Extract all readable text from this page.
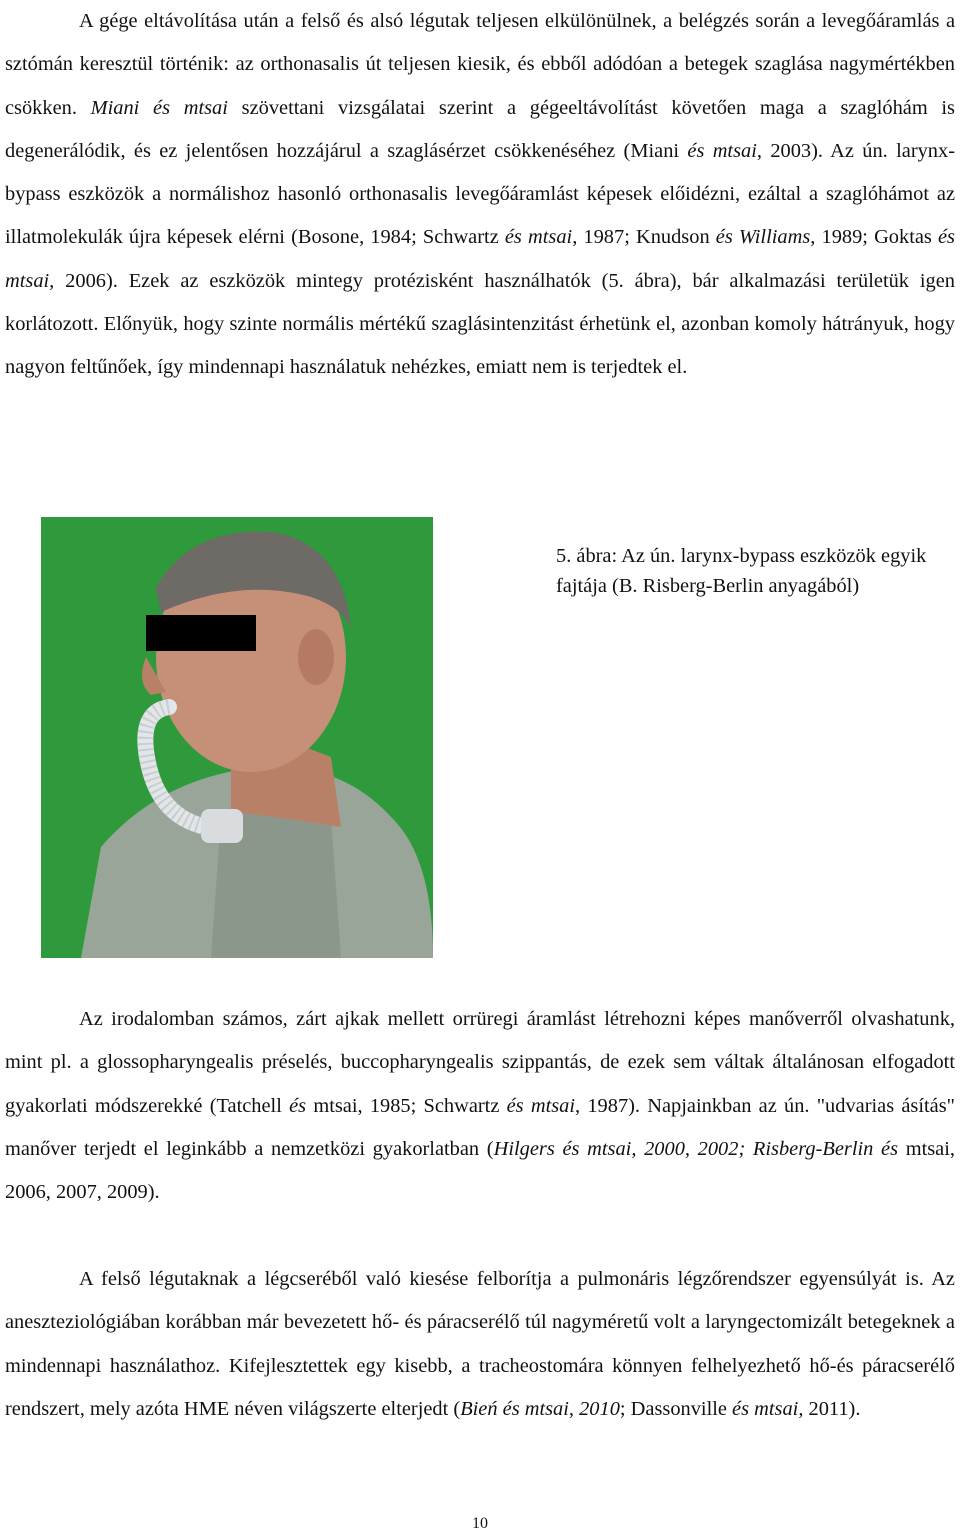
A gége eltávolítása után a felső és alsó légutak teljesen elkülönülnek, a belégzés során a levegőáramlás a sztómán keresztül történik: az orthonasalis út teljesen kiesik, és ebből adódóan a betegek szaglása nagymértékben csökken. Miani és mtsai szövettani vizsgálatai szerint a gégeeltávolítást követően maga a szaglóhám is degenerálódik, és ez jelentősen hozzájárul a szaglásérzet csökkenéséhez (Miani és mtsai, 2003). Az ún. larynx-bypass eszközök a normálishoz hasonló orthonasalis levegőáramlást képesek előidézni, ezáltal a szaglóhámot az illatmolekulák újra képesek elérni (Bosone, 1984; Schwartz és mtsai, 1987; Knudson és Williams, 1989; Goktas és mtsai, 2006). Ezek az eszközök mintegy protézisként használhatók (5. ábra), bár alkalmazási területük igen korlátozott. Előnyük, hogy szinte normális mértékű szaglásintenzitást érhetünk el, azonban komoly hátrányuk, hogy nagyon feltűnőek, így mindennapi használatuk nehézkes, emiatt nem is terjedtek el.

5. ábra: Az ún. larynx-bypass eszközök egyik fajtája (B. Risberg-Berlin anyagából)

Az irodalomban számos, zárt ajkak mellett orrüregi áramlást létrehozni képes manőverről olvashatunk, mint pl. a glossopharyngealis préselés, buccopharyngealis szippantás, de ezek sem váltak általánosan elfogadott gyakorlati módszerekké (Tatchell és mtsai, 1985; Schwartz és mtsai, 1987). Napjainkban az ún. "udvarias ásítás" manőver terjedt el leginkább a nemzetközi gyakorlatban (Hilgers és mtsai, 2000, 2002; Risberg-Berlin és mtsai, 2006, 2007, 2009).

A felső légutaknak a légcseréből való kiesése felborítja a pulmonáris légzőrendszer egyensúlyát is. Az aneszteziológiában korábban már bevezetett hő- és páracserélő túl nagyméretű volt a laryngectomizált betegeknek a mindennapi használathoz. Kifejlesztettek egy kisebb, a tracheostomára könnyen felhelyezhető hő-és páracserélő rendszert, mely azóta HME néven világszerte elterjedt (Bień és mtsai, 2010; Dassonville és mtsai, 2011).

10
